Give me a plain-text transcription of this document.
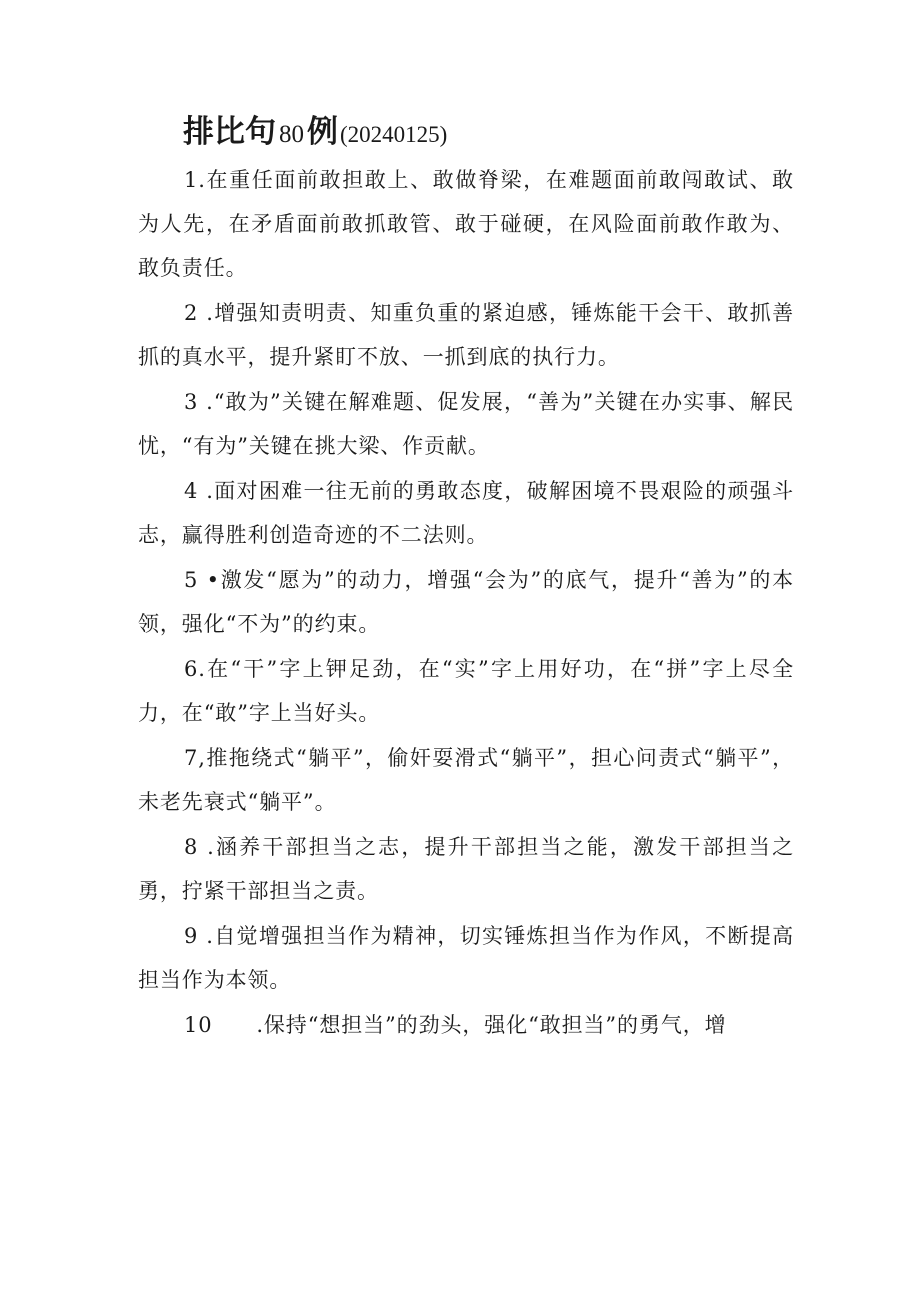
排比句 80例(20240125)

1.在重任面前敢担敢上、敢做脊梁，在难题面前敢闯敢试、敢为人先，在矛盾面前敢抓敢管、敢于碰硬，在风险面前敢作敢为、敢负责任。

2 .增强知责明责、知重负重的紧迫感，锤炼能干会干、敢抓善抓的真水平，提升紧盯不放、一抓到底的执行力。

3 .“敢为”关键在解难题、促发展，“善为”关键在办实事、解民忧，“有为”关键在挑大梁、作贡献。

4 .面对困难一往无前的勇敢态度，破解困境不畏艰险的顽强斗志，赢得胜利创造奇迹的不二法则。

5 •激发“愿为”的动力，增强“会为”的底气，提升“善为”的本领，强化“不为”的约束。

6.在“干”字上钾足劲，在“实”字上用好功，在“拼”字上尽全力，在“敢”字上当好头。

7,推拖绕式“躺平”，偷奸耍滑式“躺平”，担心问责式“躺平”，未老先衰式“躺平”。

8 .涵养干部担当之志，提升干部担当之能，激发干部担当之勇，拧紧干部担当之责。

9 .自觉增强担当作为精神，切实锤炼担当作为作风，不断提高担当作为本领。

10　　.保持“想担当”的劲头，强化“敢担当”的勇气，增
